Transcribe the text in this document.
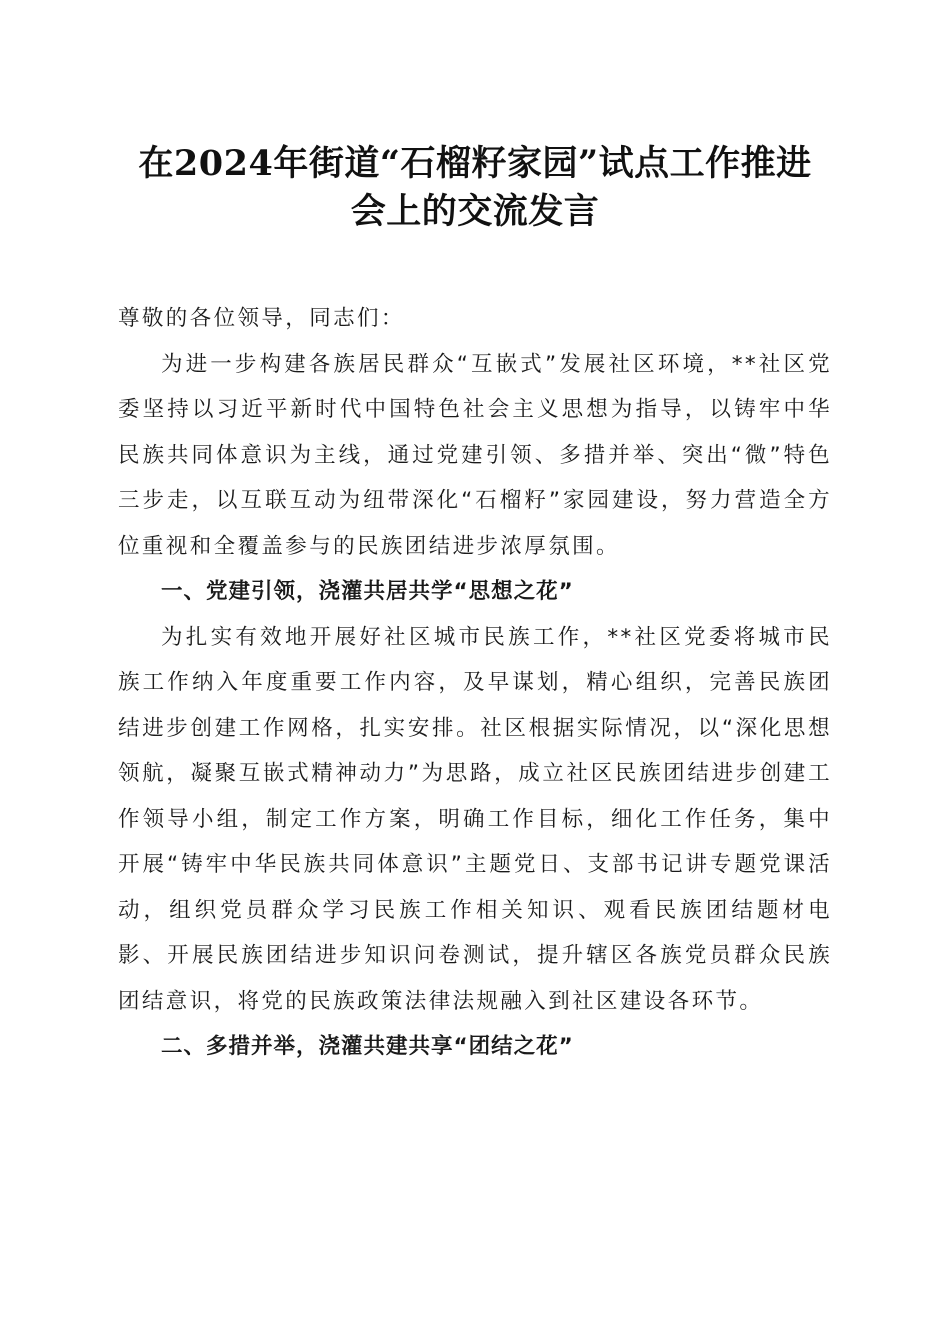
在2024年街道“石榴籽家园”试点工作推进
会上的交流发言

尊敬的各位领导，同志们：

为进一步构建各族居民群众“互嵌式”发展社区环境，**社区党委坚持以习近平新时代中国特色社会主义思想为指导，以铸牢中华民族共同体意识为主线，通过党建引领、多措并举、突出“微”特色三步走，以互联互动为纽带深化“石榴籽”家园建设，努力营造全方位重视和全覆盖参与的民族团结进步浓厚氛围。

一、党建引领，浇灌共居共学“思想之花”

为扎实有效地开展好社区城市民族工作，**社区党委将城市民族工作纳入年度重要工作内容，及早谋划，精心组织，完善民族团结进步创建工作网格，扎实安排。社区根据实际情况，以“深化思想领航，凝聚互嵌式精神动力”为思路，成立社区民族团结进步创建工作领导小组，制定工作方案，明确工作目标，细化工作任务，集中开展“铸牢中华民族共同体意识”主题党日、支部书记讲专题党课活动，组织党员群众学习民族工作相关知识、观看民族团结题材电影、开展民族团结进步知识问卷测试，提升辖区各族党员群众民族团结意识，将党的民族政策法律法规融入到社区建设各环节。

二、多措并举，浇灌共建共享“团结之花”
